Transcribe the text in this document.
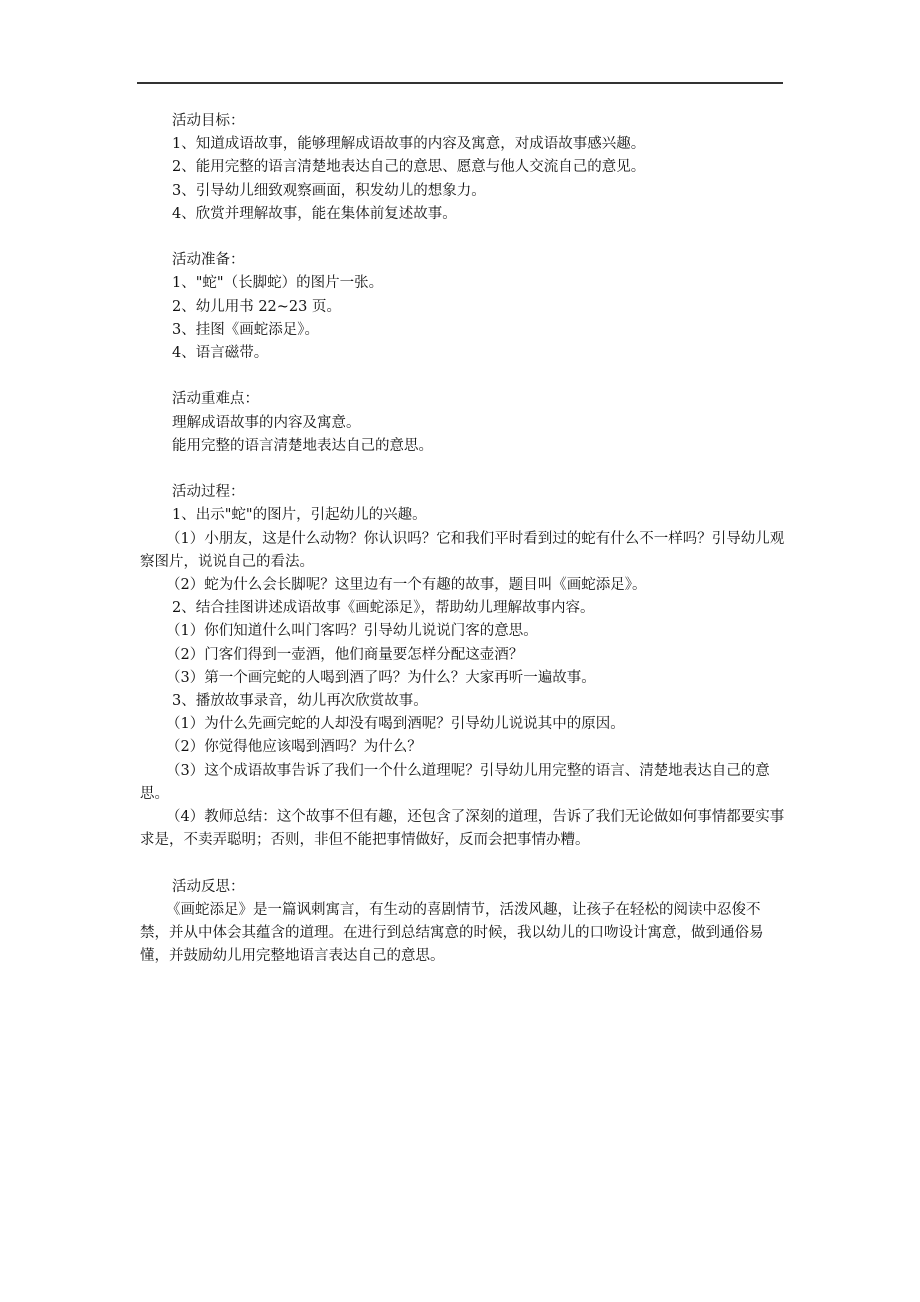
活动目标：
1、知道成语故事，能够理解成语故事的内容及寓意，对成语故事感兴趣。
2、能用完整的语言清楚地表达自己的意思、愿意与他人交流自己的意见。
3、引导幼儿细致观察画面，积发幼儿的想象力。
4、欣赏并理解故事，能在集体前复述故事。
活动准备：
1、"蛇"（长脚蛇）的图片一张。
2、幼儿用书 22~23 页。
3、挂图《画蛇添足》。
4、语言磁带。
活动重难点：
理解成语故事的内容及寓意。
能用完整的语言清楚地表达自己的意思。
活动过程：
1、出示"蛇"的图片，引起幼儿的兴趣。
（1）小朋友，这是什么动物？你认识吗？它和我们平时看到过的蛇有什么不一样吗？引导幼儿观察图片，说说自己的看法。
（2）蛇为什么会长脚呢？这里边有一个有趣的故事，题目叫《画蛇添足》。
2、结合挂图讲述成语故事《画蛇添足》，帮助幼儿理解故事内容。
（1）你们知道什么叫门客吗？引导幼儿说说门客的意思。
（2）门客们得到一壶酒，他们商量要怎样分配这壶酒？
（3）第一个画完蛇的人喝到酒了吗？为什么？大家再听一遍故事。
3、播放故事录音，幼儿再次欣赏故事。
（1）为什么先画完蛇的人却没有喝到酒呢？引导幼儿说说其中的原因。
（2）你觉得他应该喝到酒吗？为什么？
（3）这个成语故事告诉了我们一个什么道理呢？引导幼儿用完整的语言、清楚地表达自己的意思。
（4）教师总结：这个故事不但有趣，还包含了深刻的道理，告诉了我们无论做如何事情都要实事求是，不卖弄聪明；否则，非但不能把事情做好，反而会把事情办糟。
活动反思：
《画蛇添足》是一篇讽刺寓言，有生动的喜剧情节，活泼风趣，让孩子在轻松的阅读中忍俊不禁，并从中体会其蕴含的道理。在进行到总结寓意的时候，我以幼儿的口吻设计寓意，做到通俗易懂，并鼓励幼儿用完整地语言表达自己的意思。
